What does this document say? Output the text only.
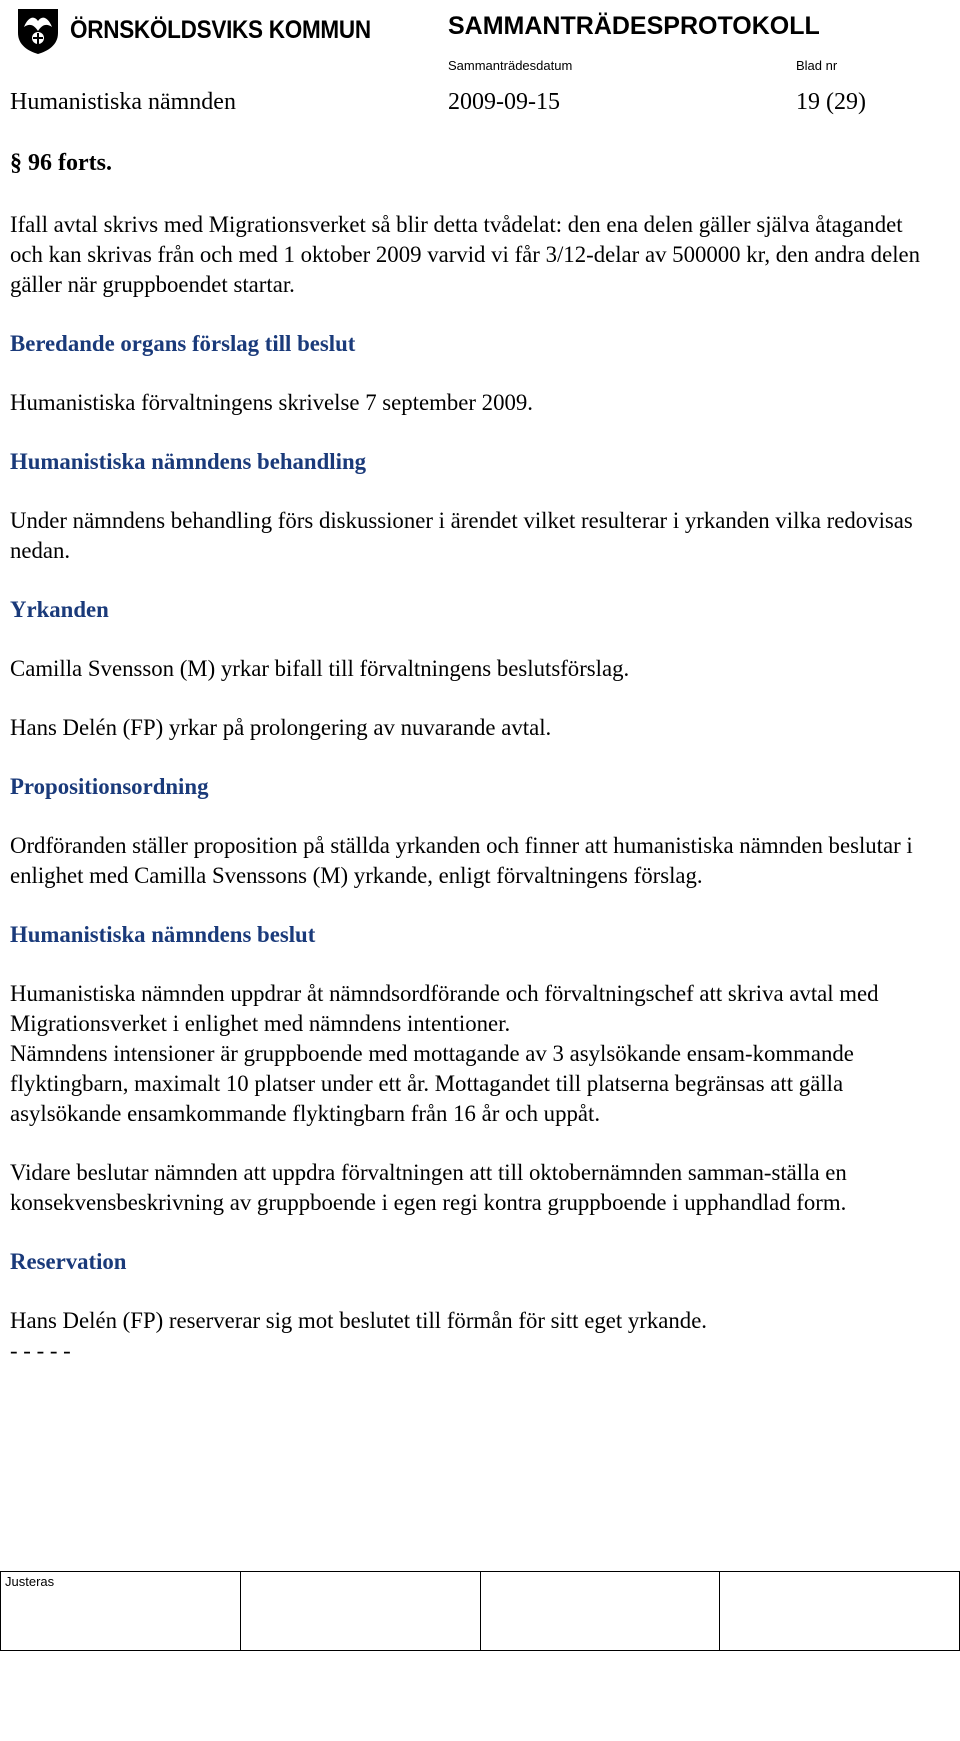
ÖRNSKÖLDSVIKS KOMMUN	SAMMANTRÄDESPROTOKOLL
Sammanträdesdatum	Blad nr
Humanistiska nämnden	2009-09-15	19 (29)
§ 96 forts.

Ifall avtal skrivs med Migrationsverket så blir detta tvådelat: den ena delen gäller själva åtagandet och kan skrivas från och med 1 oktober 2009 varvid vi får 3/12-delar av 500000 kr, den andra delen gäller när gruppboendet startar.

Beredande organs förslag till beslut

Humanistiska förvaltningens skrivelse 7 september 2009.

Humanistiska nämndens behandling

Under nämndens behandling förs diskussioner i ärendet vilket resulterar i yrkanden vilka redovisas nedan.

Yrkanden

Camilla Svensson (M) yrkar bifall till förvaltningens beslutsförslag.

Hans Delén (FP) yrkar på prolongering av nuvarande avtal.

Propositionsordning

Ordföranden ställer proposition på ställda yrkanden och finner att humanistiska nämnden beslutar i enlighet med Camilla Svenssons (M) yrkande, enligt förvaltningens förslag.

Humanistiska nämndens beslut

Humanistiska nämnden uppdrar åt nämndsordförande och förvaltningschef att skriva avtal med Migrationsverket i enlighet med nämndens intentioner.

Nämndens intensioner är gruppboende med mottagande av 3 asylsökande ensam-kommande flyktingbarn, maximalt 10 platser under ett år. Mottagandet till platserna begränsas att gälla asylsökande ensamkommande flyktingbarn från 16 år och uppåt.

Vidare beslutar nämnden att uppdra förvaltningen att till oktobernämnden samman-ställa en konsekvensbeskrivning av gruppboende i egen regi kontra gruppboende i upphandlad form.

Reservation

Hans Delén (FP) reserverar sig mot beslutet till förmån för sitt eget yrkande.

- - - - -

Justeras
